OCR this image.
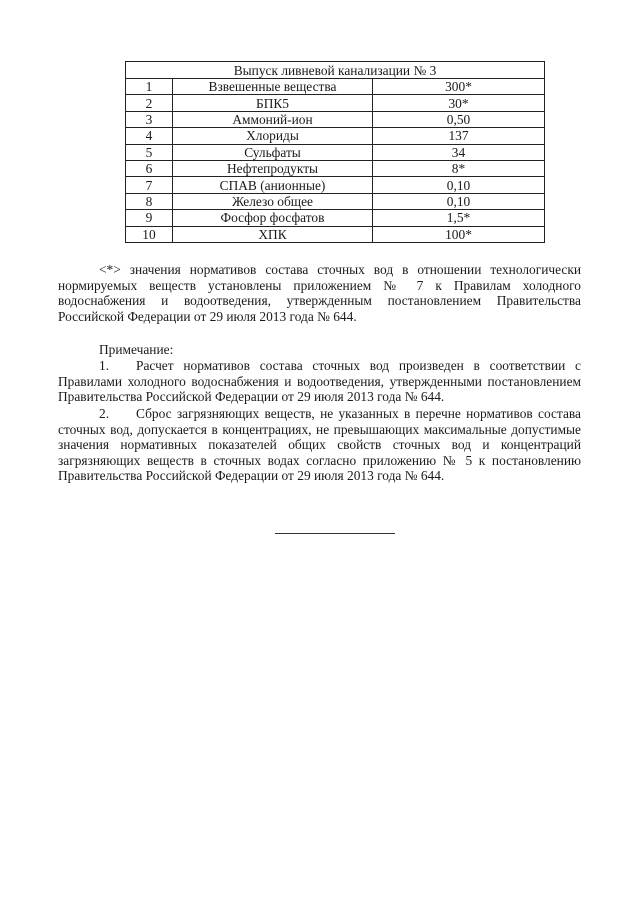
Выпуск ливневой канализации № 3		
1	Взвешенные вещества	300*
2	БПК5	30*
3	Аммоний-ион	0,50
4	Хлориды	137
5	Сульфаты	34
6	Нефтепродукты	8*
7	СПАВ (анионные)	0,10
8	Железо общее	0,10
9	Фосфор фосфатов	1,5*
10	ХПК	100*

<*> значения нормативов состава сточных вод в отношении технологически нормируемых веществ установлены приложением № 7 к Правилам холодного водоснабжения и водоотведения, утвержденным постановлением Правительства Российской Федерации от 29 июля 2013 года № 644.

Примечание:

1. Расчет нормативов состава сточных вод произведен в соответствии с Правилами холодного водоснабжения и водоотведения, утвержденными постановлением Правительства Российской Федерации от 29 июля 2013 года № 644.

2. Сброс загрязняющих веществ, не указанных в перечне нормативов состава сточных вод, допускается в концентрациях, не превышающих максимальные допустимые значения нормативных показателей общих свойств сточных вод и концентраций загрязняющих веществ в сточных водах согласно приложению № 5 к постановлению Правительства Российской Федерации от 29 июля 2013 года № 644.
